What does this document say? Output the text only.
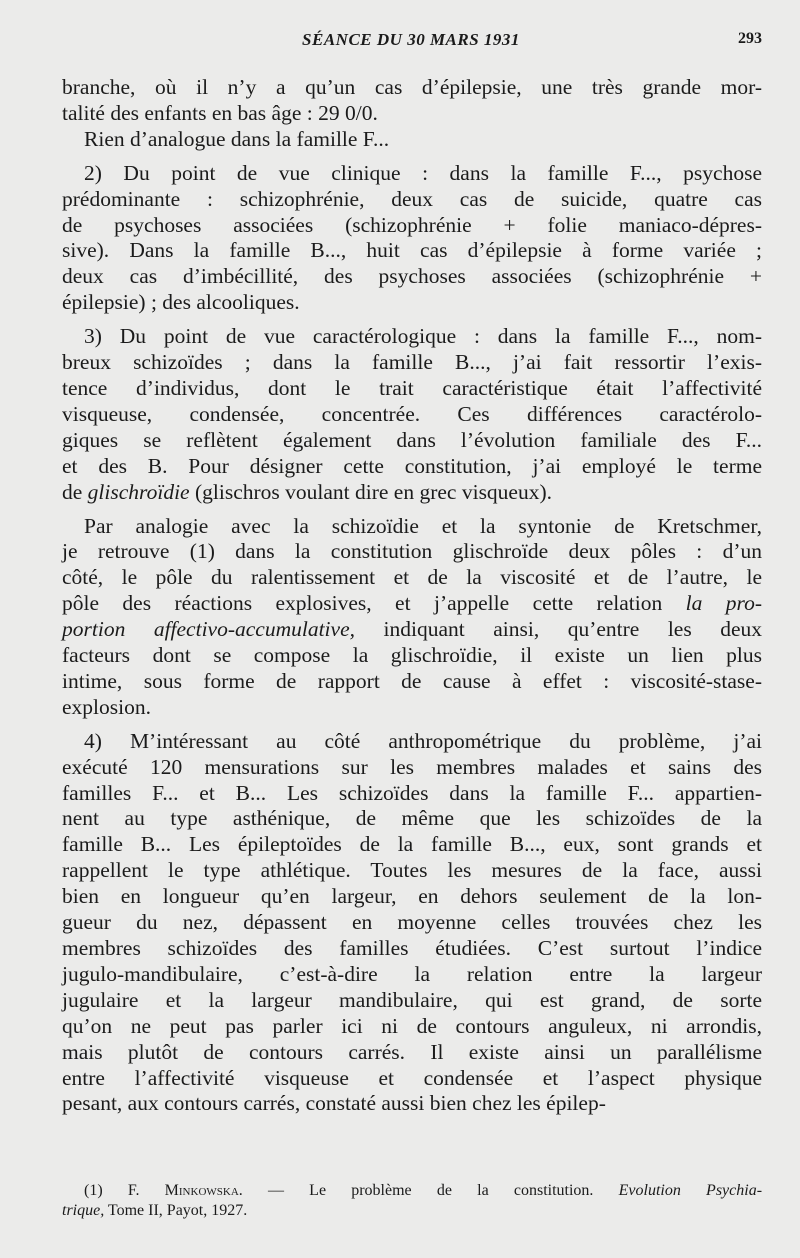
SÉANCE DU 30 MARS 1931	293

branche, où il n’y a qu’un cas d’épilepsie, une très grande mor-
talité des enfants en bas âge : 29 0/0.

Rien d’analogue dans la famille F...

2) Du point de vue clinique : dans la famille F..., psychose
prédominante : schizophrénie, deux cas de suicide, quatre cas
de psychoses associées (schizophrénie + folie maniaco-dépres-
sive). Dans la famille B..., huit cas d’épilepsie à forme variée ;
deux cas d’imbécillité, des psychoses associées (schizophrénie +
épilepsie) ; des alcooliques.

3) Du point de vue caractérologique : dans la famille F..., nom-
breux schizoïdes ; dans la famille B..., j’ai fait ressortir l’exis-
tence d’individus, dont le trait caractéristique était l’affectivité
visqueuse, condensée, concentrée. Ces différences caractérolo-
giques se reflètent également dans l’évolution familiale des F...
et des B. Pour désigner cette constitution, j’ai employé le terme
de glischroïdie (glischros voulant dire en grec visqueux).

Par analogie avec la schizoïdie et la syntonie de Kretschmer,
je retrouve (1) dans la constitution glischroïde deux pôles : d’un
côté, le pôle du ralentissement et de la viscosité et de l’autre, le
pôle des réactions explosives, et j’appelle cette relation la pro-
portion affectivo-accumulative, indiquant ainsi, qu’entre les deux
facteurs dont se compose la glischroïdie, il existe un lien plus
intime, sous forme de rapport de cause à effet : viscosité-stase-
explosion.

4) M’intéressant au côté anthropométrique du problème, j’ai
exécuté 120 mensurations sur les membres malades et sains des
familles F... et B... Les schizoïdes dans la famille F... appartien-
nent au type asthénique, de même que les schizoïdes de la
famille B... Les épileptoïdes de la famille B..., eux, sont grands et
rappellent le type athlétique. Toutes les mesures de la face, aussi
bien en longueur qu’en largeur, en dehors seulement de la lon-
gueur du nez, dépassent en moyenne celles trouvées chez les
membres schizoïdes des familles étudiées. C’est surtout l’indice
jugulo-mandibulaire, c’est-à-dire la relation entre la largeur
jugulaire et la largeur mandibulaire, qui est grand, de sorte
qu’on ne peut pas parler ici ni de contours anguleux, ni arrondis,
mais plutôt de contours carrés. Il existe ainsi un parallélisme
entre l’affectivité visqueuse et condensée et l’aspect physique
pesant, aux contours carrés, constaté aussi bien chez les épilep-

(1) F. Minkowska. — Le problème de la constitution. Evolution Psychia-
trique, Tome II, Payot, 1927.
